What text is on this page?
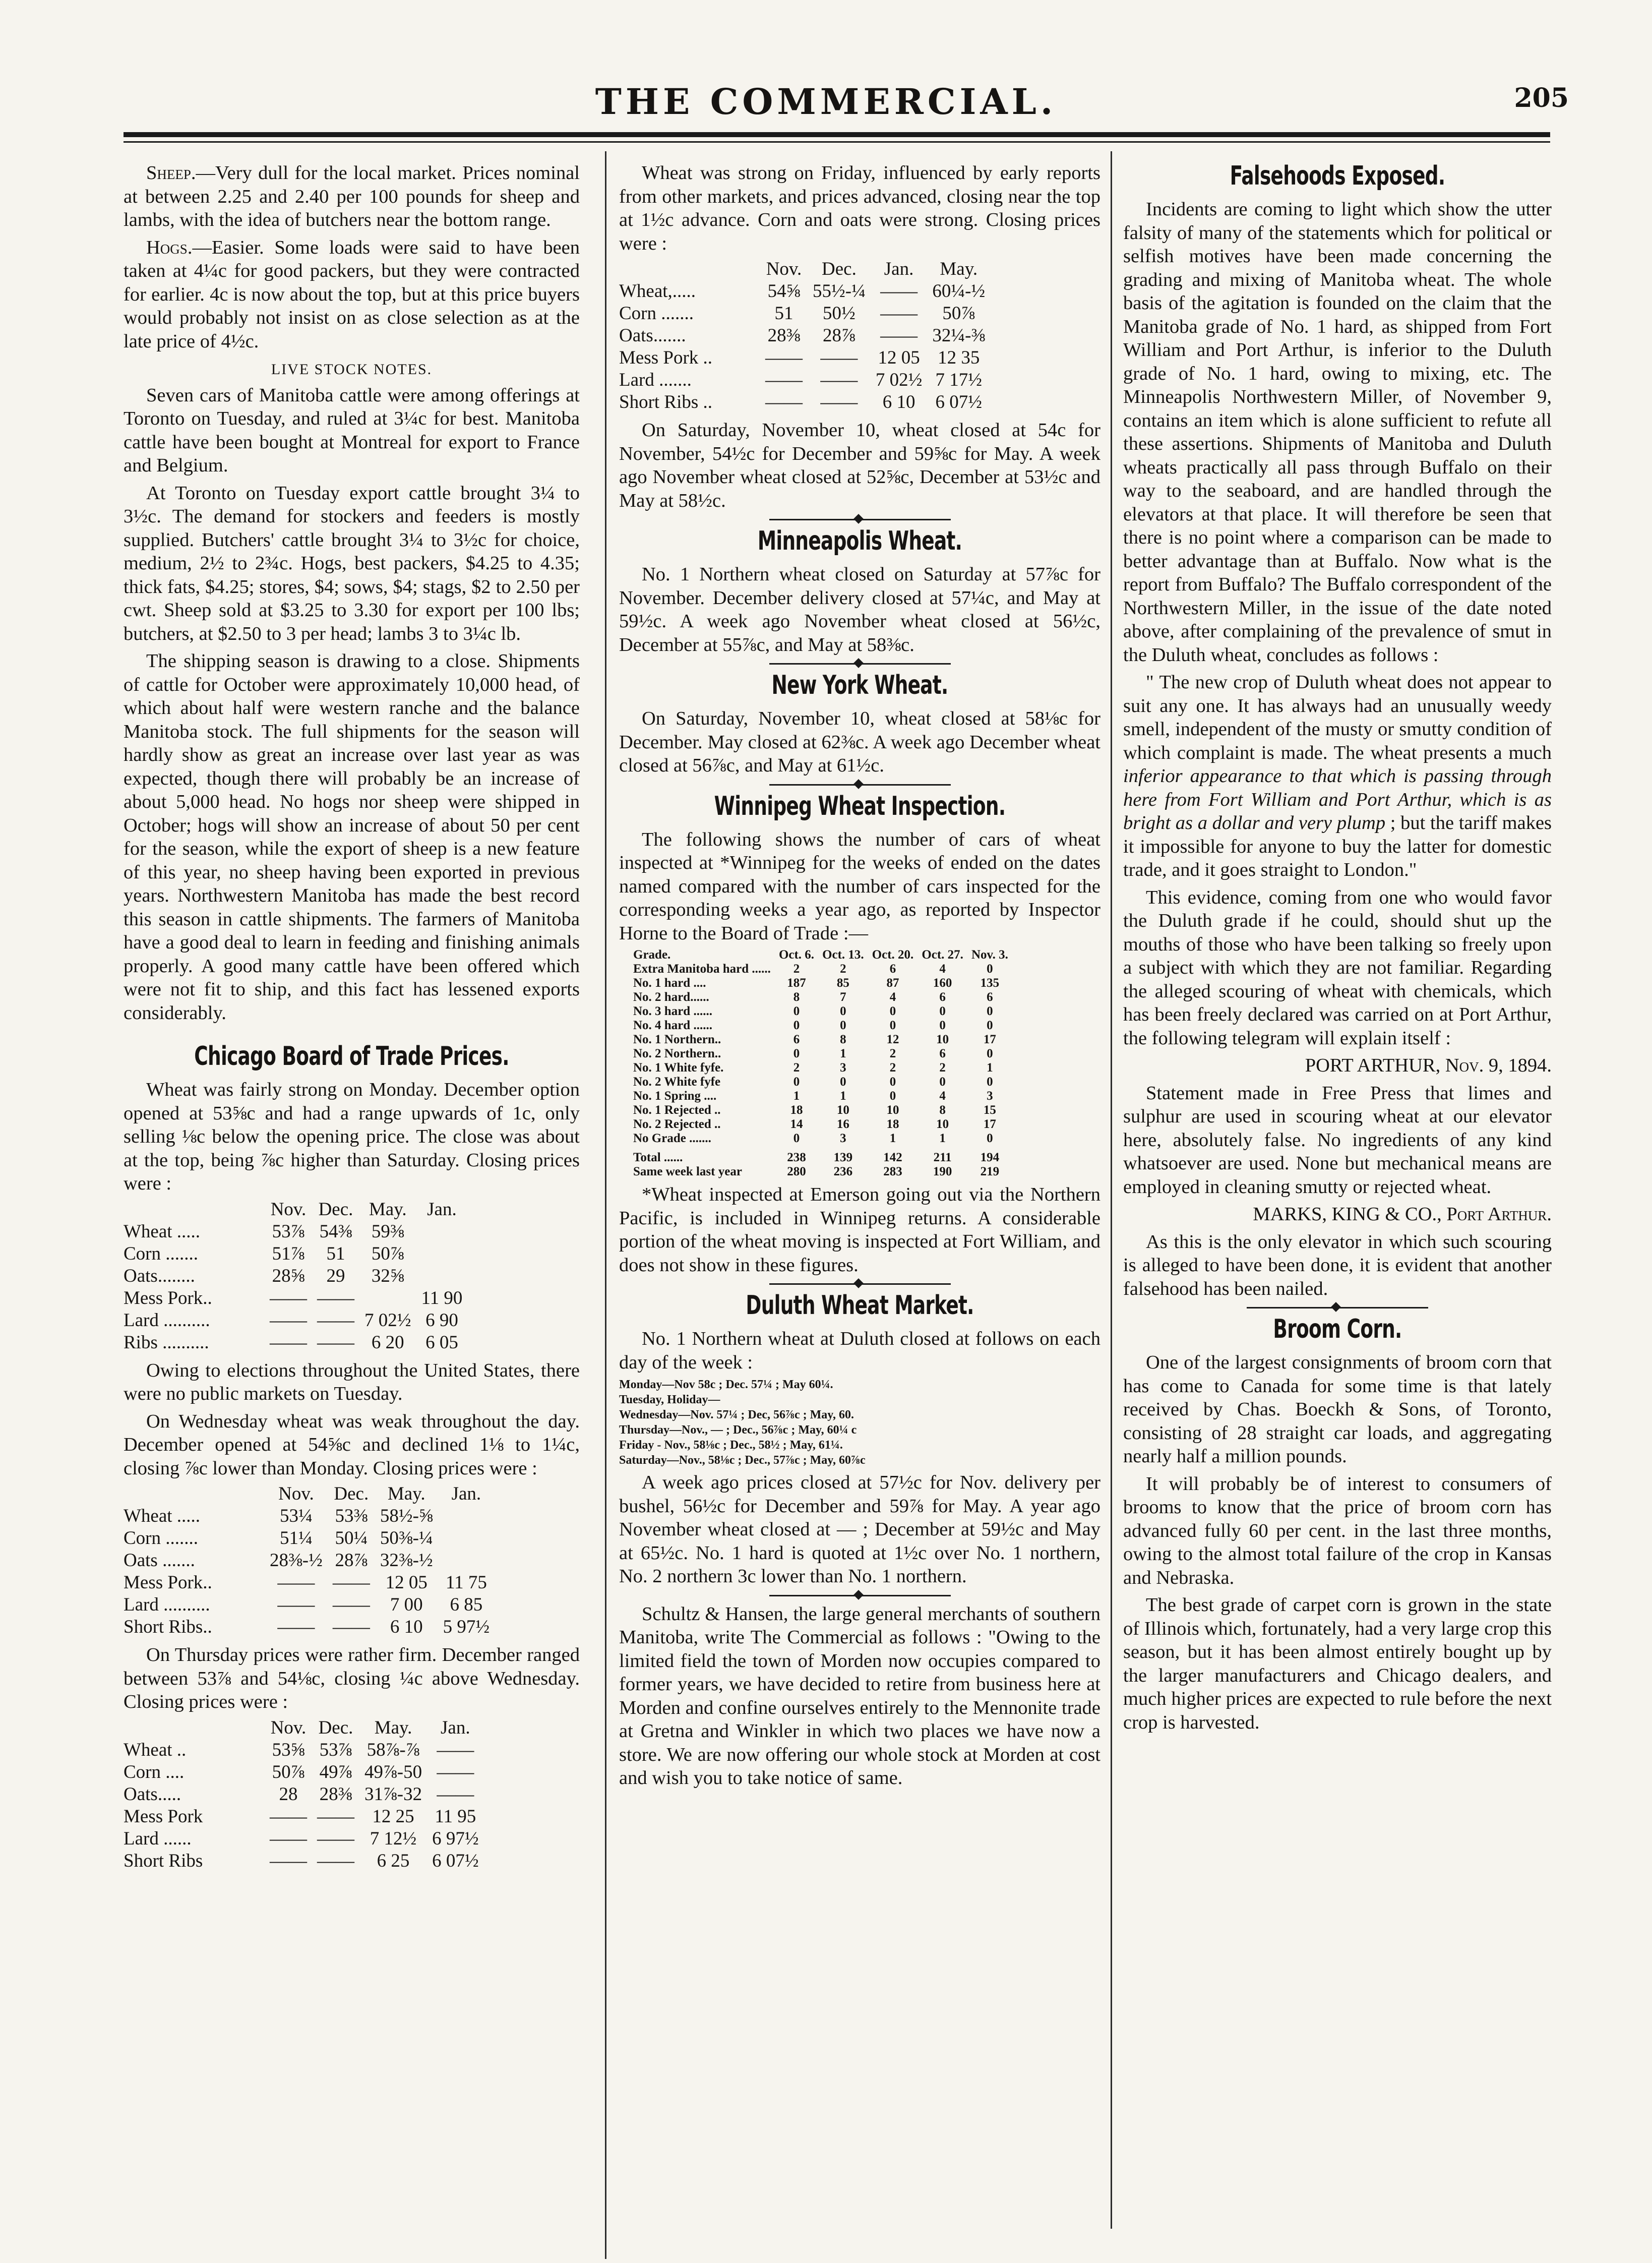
THE COMMERCIAL.	205

Sheep.—Very dull for the local market. Prices nominal at between 2.25 and 2.40 per 100 pounds for sheep and lambs, with the idea of butchers near the bottom range.

Hogs.—Easier. Some loads were said to have been taken at 4¼c for good packers, but they were contracted for earlier. 4c is now about the top, but at this price buyers would probably not insist on as close selection as at the late price of 4½c.

LIVE STOCK NOTES.

Seven cars of Manitoba cattle were among offerings at Toronto on Tuesday, and ruled at 3¼c for best. Manitoba cattle have been bought at Montreal for export to France and Belgium.

At Toronto on Tuesday export cattle brought 3¼ to 3½c. The demand for stockers and feeders is mostly supplied. Butchers' cattle brought 3¼ to 3½c for choice, medium, 2½ to 2¾c. Hogs, best packers, $4.25 to 4.35; thick fats, $4.25; stores, $4; sows, $4; stags, $2 to 2.50 per cwt. Sheep sold at $3.25 to 3.30 for export per 100 lbs; butchers, at $2.50 to 3 per head; lambs 3 to 3¼c lb.

The shipping season is drawing to a close. Shipments of cattle for October were approximately 10,000 head, of which about half were western ranche and the balance Manitoba stock. The full shipments for the season will hardly show as great an increase over last year as was expected, though there will probably be an increase of about 5,000 head. No hogs nor sheep were shipped in October; hogs will show an increase of about 50 per cent for the season, while the export of sheep is a new feature of this year, no sheep having been exported in previous years. Northwestern Manitoba has made the best record this season in cattle shipments. The farmers of Manitoba have a good deal to learn in feeding and finishing animals properly. A good many cattle have been offered which were not fit to ship, and this fact has lessened exports considerably.

Chicago Board of Trade Prices.

Wheat was fairly strong on Monday. December option opened at 53⅝c and had a range upwards of 1c, only selling ⅛c below the opening price. The close was about at the top, being ⅞c higher than Saturday. Closing prices were :

	Nov.	Dec.	May.	Jan.
Wheat .....	53⅞	54⅜	59⅜	
Corn .......	51⅞	51	50⅞	
Oats........	28⅝	29	32⅝	
Mess Pork..	——	——		11 90
Lard ..........	——	——	7 02½	6 90
Ribs ..........	——	——	6 20	6 05

Owing to elections throughout the United States, there were no public markets on Tuesday.

On Wednesday wheat was weak throughout the day. December opened at 54⅝c and declined 1⅛ to 1¼c, closing ⅞c lower than Monday. Closing prices were :

	Nov.	Dec.	May.	Jan.
Wheat .....	53¼	53⅜	58½-⅝	
Corn .......	51¼	50¼	50⅜-¼	
Oats .......	28⅜-½	28⅞	32⅜-½	
Mess Pork..	——	——	12 05	11 75
Lard ..........	——	——	7 00	6 85
Short Ribs..	——	——	6 10	5 97½

On Thursday prices were rather firm. December ranged between 53⅞ and 54⅛c, closing ¼c above Wednesday. Closing prices were :

	Nov.	Dec.	May.	Jan.
Wheat ..	53⅝	53⅞	58⅞-⅞	——
Corn ....	50⅞	49⅞	49⅞-50	——
Oats.....	28	28⅜	31⅞-32	——
Mess Pork	——	——	12 25	11 95
Lard ......	——	——	7 12½	6 97½
Short Ribs	——	——	6 25	6 07½

Wheat was strong on Friday, influenced by early reports from other markets, and prices advanced, closing near the top at 1½c advance. Corn and oats were strong. Closing prices were :

	Nov.	Dec.	Jan.	May.
Wheat,.....	54⅝	55½-¼	——	60¼-½
Corn .......	51	50½	——	50⅞
Oats.......	28⅜	28⅞	——	32¼-⅜
Mess Pork ..	——	——	12 05	12 35
Lard .......	——	——	7 02½	7 17½
Short Ribs ..	——	——	6 10	6 07½

On Saturday, November 10, wheat closed at 54c for November, 54½c for December and 59⅝c for May. A week ago November wheat closed at 52⅝c, December at 53½c and May at 58½c.

Minneapolis Wheat.

No. 1 Northern wheat closed on Saturday at 57⅞c for November. December delivery closed at 57¼c, and May at 59½c. A week ago November wheat closed at 56½c, December at 55⅞c, and May at 58⅜c.

New York Wheat.

On Saturday, November 10, wheat closed at 58⅛c for December. May closed at 62⅜c. A week ago December wheat closed at 56⅞c, and May at 61½c.

Winnipeg Wheat Inspection.

The following shows the number of cars of wheat inspected at *Winnipeg for the weeks of ended on the dates named compared with the number of cars inspected for the corresponding weeks a year ago, as reported by Inspector Horne to the Board of Trade :—

Grade.	Oct. 6.	Oct. 13.	Oct. 20.	Oct. 27.	Nov. 3.
Extra Manitoba hard ......	2	2	6	4	0
No. 1 hard ....	187	85	87	160	135
No. 2 hard......	8	7	4	6	6
No. 3 hard ......	0	0	0	0	0
No. 4 hard ......	0	0	0	0	0
No. 1 Northern..	6	8	12	10	17
No. 2 Northern..	0	1	2	6	0
No. 1 White fyfe.	2	3	2	2	1
No. 2 White fyfe	0	0	0	0	0
No. 1 Spring ....	1	1	0	4	3
No. 1 Rejected ..	18	10	10	8	15
No. 2 Rejected ..	14	16	18	10	17
No Grade .......	0	3	1	1	0
Total ......	238	139	142	211	194
Same week last year	280	236	283	190	219

*Wheat inspected at Emerson going out via the Northern Pacific, is included in Winnipeg returns. A considerable portion of the wheat moving is inspected at Fort William, and does not show in these figures.

Duluth Wheat Market.

No. 1 Northern wheat at Duluth closed at follows on each day of the week :

Monday—Nov 58c ; Dec. 57¼ ; May 60¼.
Tuesday, Holiday—
Wednesday—Nov. 57¼ ; Dec, 56⅞c ; May, 60.
Thursday—Nov., — ; Dec., 56⅞c ; May, 60¼ c
Friday - Nov., 58⅛c ; Dec., 58½ ; May, 61¼.
Saturday—Nov., 58⅛c ; Dec., 57⅞c ; May, 60⅞c

A week ago prices closed at 57½c for Nov. delivery per bushel, 56½c for December and 59⅞ for May. A year ago November wheat closed at — ; December at 59½c and May at 65½c. No. 1 hard is quoted at 1½c over No. 1 northern, No. 2 northern 3c lower than No. 1 northern.

Schultz & Hansen, the large general merchants of southern Manitoba, write The Commercial as follows : "Owing to the limited field the town of Morden now occupies compared to former years, we have decided to retire from business here at Morden and confine ourselves entirely to the Mennonite trade at Gretna and Winkler in which two places we have now a store. We are now offering our whole stock at Morden at cost and wish you to take notice of same.

Falsehoods Exposed.

Incidents are coming to light which show the utter falsity of many of the statements which for political or selfish motives have been made concerning the grading and mixing of Manitoba wheat. The whole basis of the agitation is founded on the claim that the Manitoba grade of No. 1 hard, as shipped from Fort William and Port Arthur, is inferior to the Duluth grade of No. 1 hard, owing to mixing, etc. The Minneapolis Northwestern Miller, of November 9, contains an item which is alone sufficient to refute all these assertions. Shipments of Manitoba and Duluth wheats practically all pass through Buffalo on their way to the seaboard, and are handled through the elevators at that place. It will therefore be seen that there is no point where a comparison can be made to better advantage than at Buffalo. Now what is the report from Buffalo? The Buffalo correspondent of the Northwestern Miller, in the issue of the date noted above, after complaining of the prevalence of smut in the Duluth wheat, concludes as follows :

" The new crop of Duluth wheat does not appear to suit any one. It has always had an unusually weedy smell, independent of the musty or smutty condition of which complaint is made. The wheat presents a much inferior appearance to that which is passing through here from Fort William and Port Arthur, which is as bright as a dollar and very plump ; but the tariff makes it impossible for anyone to buy the latter for domestic trade, and it goes straight to London."

This evidence, coming from one who would favor the Duluth grade if he could, should shut up the mouths of those who have been talking so freely upon a subject with which they are not familiar. Regarding the alleged scouring of wheat with chemicals, which has been freely declared was carried on at Port Arthur, the following telegram will explain itself :

PORT ARTHUR, Nov. 9, 1894.

Statement made in Free Press that limes and sulphur are used in scouring wheat at our elevator here, absolutely false. No ingredients of any kind whatsoever are used. None but mechanical means are employed in cleaning smutty or rejected wheat.

MARKS, KING & CO., Port Arthur.

As this is the only elevator in which such scouring is alleged to have been done, it is evident that another falsehood has been nailed.

Broom Corn.

One of the largest consignments of broom corn that has come to Canada for some time is that lately received by Chas. Boeckh & Sons, of Toronto, consisting of 28 straight car loads, and aggregating nearly half a million pounds.

It will probably be of interest to consumers of brooms to know that the price of broom corn has advanced fully 60 per cent. in the last three months, owing to the almost total failure of the crop in Kansas and Nebraska.

The best grade of carpet corn is grown in the state of Illinois which, fortunately, had a very large crop this season, but it has been almost entirely bought up by the larger manufacturers and Chicago dealers, and much higher prices are expected to rule before the next crop is harvested.
